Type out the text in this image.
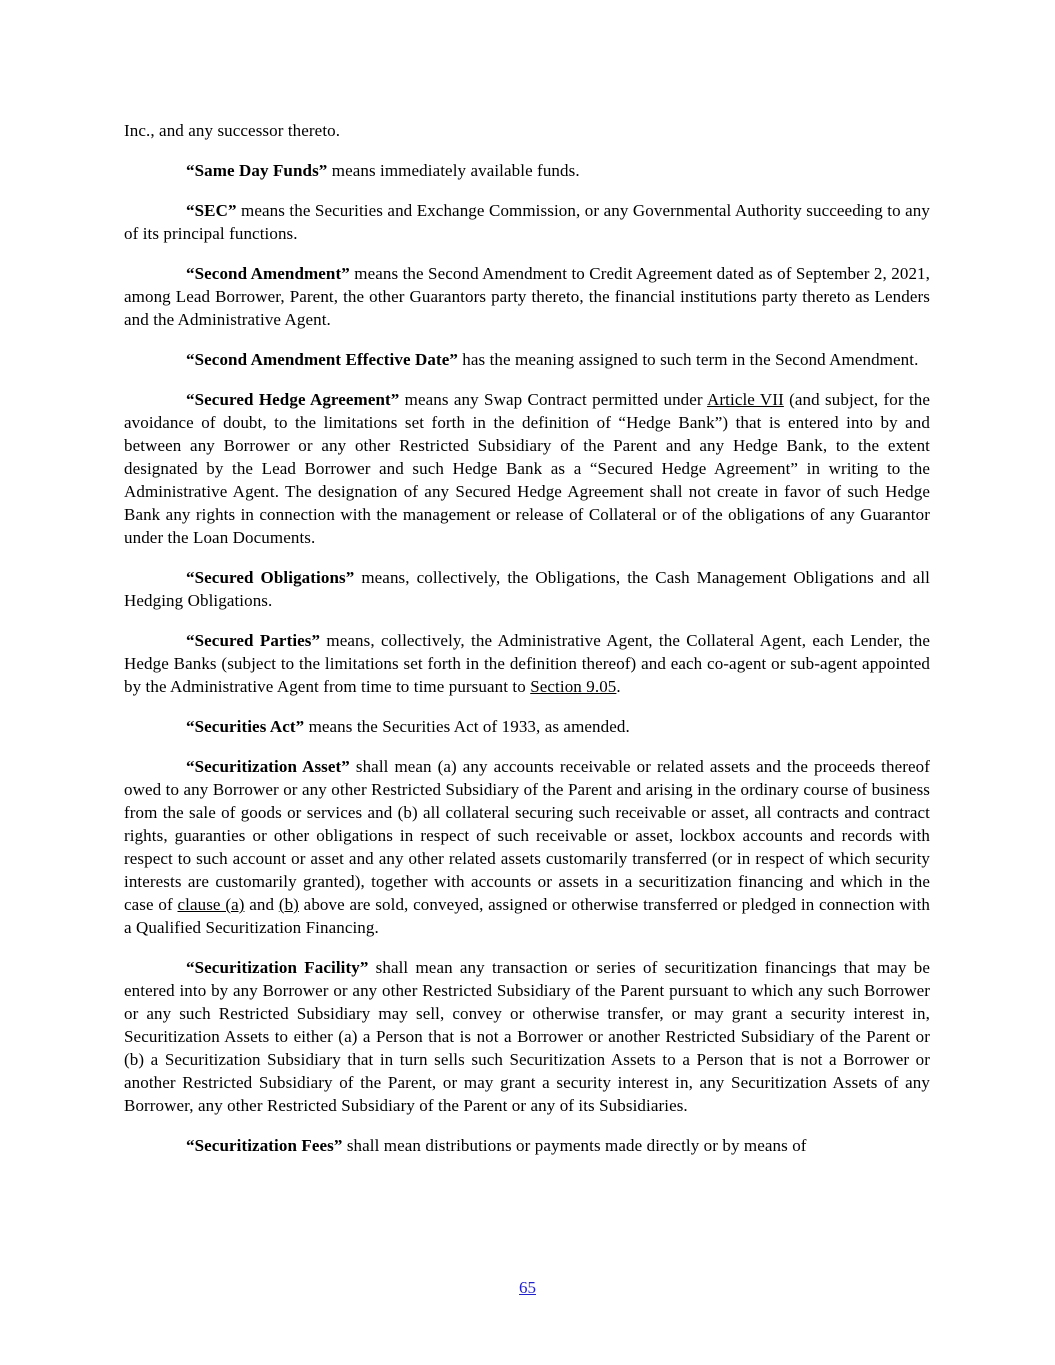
Inc., and any successor thereto.

“Same Day Funds” means immediately available funds.

“SEC” means the Securities and Exchange Commission, or any Governmental Authority succeeding to any of its principal functions.

“Second Amendment” means the Second Amendment to Credit Agreement dated as of September 2, 2021, among Lead Borrower, Parent, the other Guarantors party thereto, the financial institutions party thereto as Lenders and the Administrative Agent.

“Second Amendment Effective Date” has the meaning assigned to such term in the Second Amendment.

“Secured Hedge Agreement” means any Swap Contract permitted under Article VII (and subject, for the avoidance of doubt, to the limitations set forth in the definition of “Hedge Bank”) that is entered into by and between any Borrower or any other Restricted Subsidiary of the Parent and any Hedge Bank, to the extent designated by the Lead Borrower and such Hedge Bank as a “Secured Hedge Agreement” in writing to the Administrative Agent. The designation of any Secured Hedge Agreement shall not create in favor of such Hedge Bank any rights in connection with the management or release of Collateral or of the obligations of any Guarantor under the Loan Documents.

“Secured Obligations” means, collectively, the Obligations, the Cash Management Obligations and all Hedging Obligations.

“Secured Parties” means, collectively, the Administrative Agent, the Collateral Agent, each Lender, the Hedge Banks (subject to the limitations set forth in the definition thereof) and each co-agent or sub-agent appointed by the Administrative Agent from time to time pursuant to Section 9.05.

“Securities Act” means the Securities Act of 1933, as amended.

“Securitization Asset” shall mean (a) any accounts receivable or related assets and the proceeds thereof owed to any Borrower or any other Restricted Subsidiary of the Parent and arising in the ordinary course of business from the sale of goods or services and (b) all collateral securing such receivable or asset, all contracts and contract rights, guaranties or other obligations in respect of such receivable or asset, lockbox accounts and records with respect to such account or asset and any other related assets customarily transferred (or in respect of which security interests are customarily granted), together with accounts or assets in a securitization financing and which in the case of clause (a) and (b) above are sold, conveyed, assigned or otherwise transferred or pledged in connection with a Qualified Securitization Financing.

“Securitization Facility” shall mean any transaction or series of securitization financings that may be entered into by any Borrower or any other Restricted Subsidiary of the Parent pursuant to which any such Borrower or any such Restricted Subsidiary may sell, convey or otherwise transfer, or may grant a security interest in, Securitization Assets to either (a) a Person that is not a Borrower or another Restricted Subsidiary of the Parent or (b) a Securitization Subsidiary that in turn sells such Securitization Assets to a Person that is not a Borrower or another Restricted Subsidiary of the Parent, or may grant a security interest in, any Securitization Assets of any Borrower, any other Restricted Subsidiary of the Parent or any of its Subsidiaries.

“Securitization Fees” shall mean distributions or payments made directly or by means of

65
